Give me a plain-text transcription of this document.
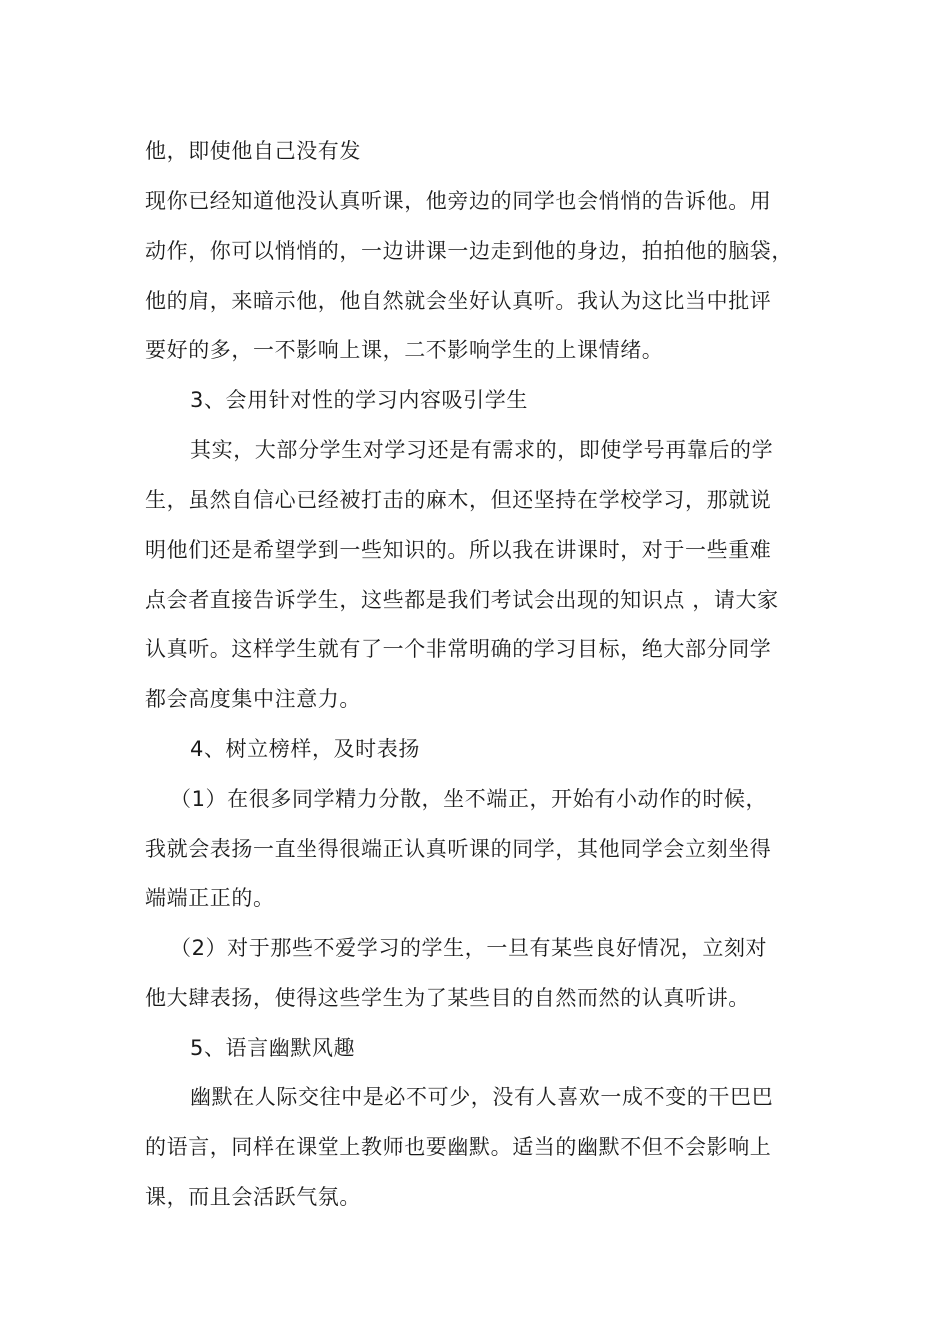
他，即使他自己没有发

现你已经知道他没认真听课，他旁边的同学也会悄悄的告诉他。用

动作，你可以悄悄的，一边讲课一边走到他的身边，拍拍他的脑袋，

他的肩，来暗示他，他自然就会坐好认真听。我认为这比当中批评

要好的多，一不影响上课，二不影响学生的上课情绪。

3、会用针对性的学习内容吸引学生

其实，大部分学生对学习还是有需求的，即使学号再靠后的学

生，虽然自信心已经被打击的麻木，但还坚持在学校学习，那就说

明他们还是希望学到一些知识的。所以我在讲课时，对于一些重难

点会者直接告诉学生，这些都是我们考试会出现的知识点 ，请大家

认真听。这样学生就有了一个非常明确的学习目标，绝大部分同学

都会高度集中注意力。

4、树立榜样，及时表扬

（1）在很多同学精力分散，坐不端正，开始有小动作的时候，

我就会表扬一直坐得很端正认真听课的同学，其他同学会立刻坐得

端端正正的。

（2）对于那些不爱学习的学生，一旦有某些良好情况，立刻对

他大肆表扬，使得这些学生为了某些目的自然而然的认真听讲。

5、语言幽默风趣

幽默在人际交往中是必不可少，没有人喜欢一成不变的干巴巴

的语言，同样在课堂上教师也要幽默。适当的幽默不但不会影响上

课，而且会活跃气氛。
